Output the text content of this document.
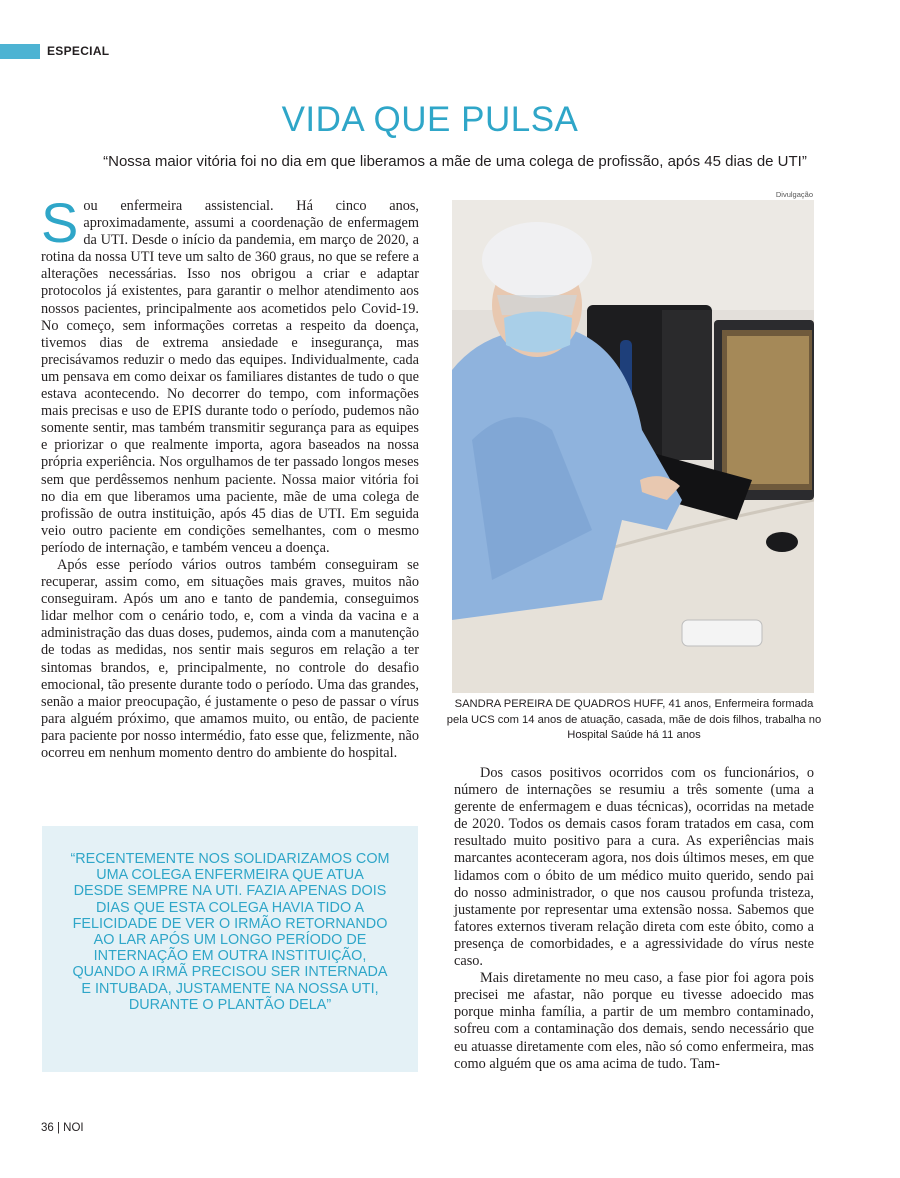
ESPECIAL
VIDA QUE PULSA
“Nossa maior vitória foi no dia em que liberamos a mãe de uma colega de profissão, após 45 dias de UTI”

Sou enfermeira assistencial. Há cinco anos, aproximadamente, assumi a coordenação de enfermagem da UTI. Desde o início da pandemia, em março de 2020, a rotina da nossa UTI teve um salto de 360 graus, no que se refere a alterações necessárias. Isso nos obrigou a criar e adaptar protocolos já existentes, para garantir o melhor atendimento aos nossos pacientes, principalmente aos acometidos pelo Covid-19. No começo, sem informações corretas a respeito da doença, tivemos dias de extrema ansiedade e insegurança, mas precisávamos reduzir o medo das equipes. Individualmente, cada um pensava em como deixar os familiares distantes de tudo o que estava acontecendo. No decorrer do tempo, com informações mais precisas e uso de EPIS durante todo o período, pudemos não somente sentir, mas também transmitir segurança para as equipes e priorizar o que realmente importa, agora baseados na nossa própria experiência. Nos orgulhamos de ter passado longos meses sem que perdêssemos nenhum paciente. Nossa maior vitória foi no dia em que liberamos uma paciente, mãe de uma colega de profissão de outra instituição, após 45 dias de UTI. Em seguida veio outro paciente em condições semelhantes, com o mesmo período de internação, e também venceu a doença.

Após esse período vários outros também conseguiram se recuperar, assim como, em situações mais graves, muitos não conseguiram. Após um ano e tanto de pandemia, conseguimos lidar melhor com o cenário todo, e, com a vinda da vacina e a administração das duas doses, pudemos, ainda com a manutenção de todas as medidas, nos sentir mais seguros em relação a ter sintomas brandos, e, principalmente, no controle do desafio emocional, tão presente durante todo o período. Uma das grandes, senão a maior preocupação, é justamente o peso de passar o vírus para alguém próximo, que amamos muito, ou então, de paciente para paciente por nosso intermédio, fato esse que, felizmente, não ocorreu em nenhum momento dentro do ambiente do hospital.

Divulgação
SANDRA PEREIRA DE QUADROS HUFF, 41 anos, Enfermeira formada pela UCS com 14 anos de atuação, casada, mãe de dois filhos, trabalha no Hospital Saúde há 11 anos

Dos casos positivos ocorridos com os funcionários, o número de internações se resumiu a três somente (uma a gerente de enfermagem e duas técnicas), ocorridas na metade de 2020. Todos os demais casos foram tratados em casa, com resultado muito positivo para a cura. As experiências mais marcantes aconteceram agora, nos dois últimos meses, em que lidamos com o óbito de um médico muito querido, sendo pai do nosso administrador, o que nos causou profunda tristeza, justamente por representar uma extensão nossa. Sabemos que fatores externos tiveram relação direta com este óbito, como a presença de comorbidades, e a agressividade do vírus neste caso.

Mais diretamente no meu caso, a fase pior foi agora pois precisei me afastar, não porque eu tivesse adoecido mas porque minha família, a partir de um membro contaminado, sofreu com a contaminação dos demais, sendo necessário que eu atuasse diretamente com eles, não só como enfermeira, mas como alguém que os ama acima de tudo. Tam-

“RECENTEMENTE NOS SOLIDARIZAMOS COM UMA COLEGA ENFERMEIRA QUE ATUA DESDE SEMPRE NA UTI. FAZIA APENAS DOIS DIAS QUE ESTA COLEGA HAVIA TIDO A FELICIDADE DE VER O IRMÃO RETORNANDO AO LAR APÓS UM LONGO PERÍODO DE INTERNAÇÃO EM OUTRA INSTITUIÇÃO, QUANDO A IRMÃ PRECISOU SER INTERNADA E INTUBADA, JUSTAMENTE NA NOSSA UTI, DURANTE O PLANTÃO DELA”
36 | NOI
